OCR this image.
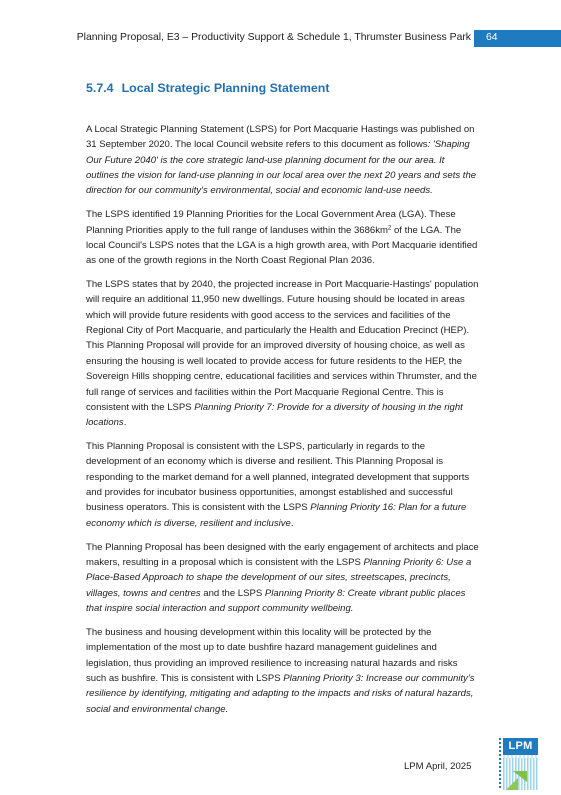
Planning Proposal, E3 – Productivity Support & Schedule 1, Thrumster Business Park 64
5.7.4 Local Strategic Planning Statement

A Local Strategic Planning Statement (LSPS) for Port Macquarie Hastings was published on 31 September 2020. The local Council website refers to this document as follows: 'Shaping Our Future 2040' is the core strategic land-use planning document for the our area. It outlines the vision for land-use planning in our local area over the next 20 years and sets the direction for our community's environmental, social and economic land-use needs.

The LSPS identified 19 Planning Priorities for the Local Government Area (LGA). These Planning Priorities apply to the full range of landuses within the $3686km^2$ of the LGA. The local Council's LSPS notes that the LGA is a high growth area, with Port Macquarie identified as one of the growth regions in the North Coast Regional Plan 2036.

The LSPS states that by 2040, the projected increase in Port Macquarie-Hastings' population will require an additional 11,950 new dwellings. Future housing should be located in areas which will provide future residents with good access to the services and facilities of the Regional City of Port Macquarie, and particularly the Health and Education Precinct (HEP). This Planning Proposal will provide for an improved diversity of housing choice, as well as ensuring the housing is well located to provide access for future residents to the HEP, the Sovereign Hills shopping centre, educational facilities and services within Thrumster, and the full range of services and facilities within the Port Macquarie Regional Centre. This is consistent with the LSPS Planning Priority 7: Provide for a diversity of housing in the right locations.

This Planning Proposal is consistent with the LSPS, particularly in regards to the development of an economy which is diverse and resilient. This Planning Proposal is responding to the market demand for a well planned, integrated development that supports and provides for incubator business opportunities, amongst established and successful business operators. This is consistent with the LSPS Planning Priority 16: Plan for a future economy which is diverse, resilient and inclusive.

The Planning Proposal has been designed with the early engagement of architects and place makers, resulting in a proposal which is consistent with the LSPS Planning Priority 6: Use a Place-Based Approach to shape the development of our sites, streetscapes, precincts, villages, towns and centres and the LSPS Planning Priority 8: Create vibrant public places that inspire social interaction and support community wellbeing.

The business and housing development within this locality will be protected by the implementation of the most up to date bushfire hazard management guidelines and legislation, thus providing an improved resilience to increasing natural hazards and risks such as bushfire. This is consistent with LSPS Planning Priority 3: Increase our community's resilience by identifying, mitigating and adapting to the impacts and risks of natural hazards, social and environmental change.

LPM April, 2025
LPM
